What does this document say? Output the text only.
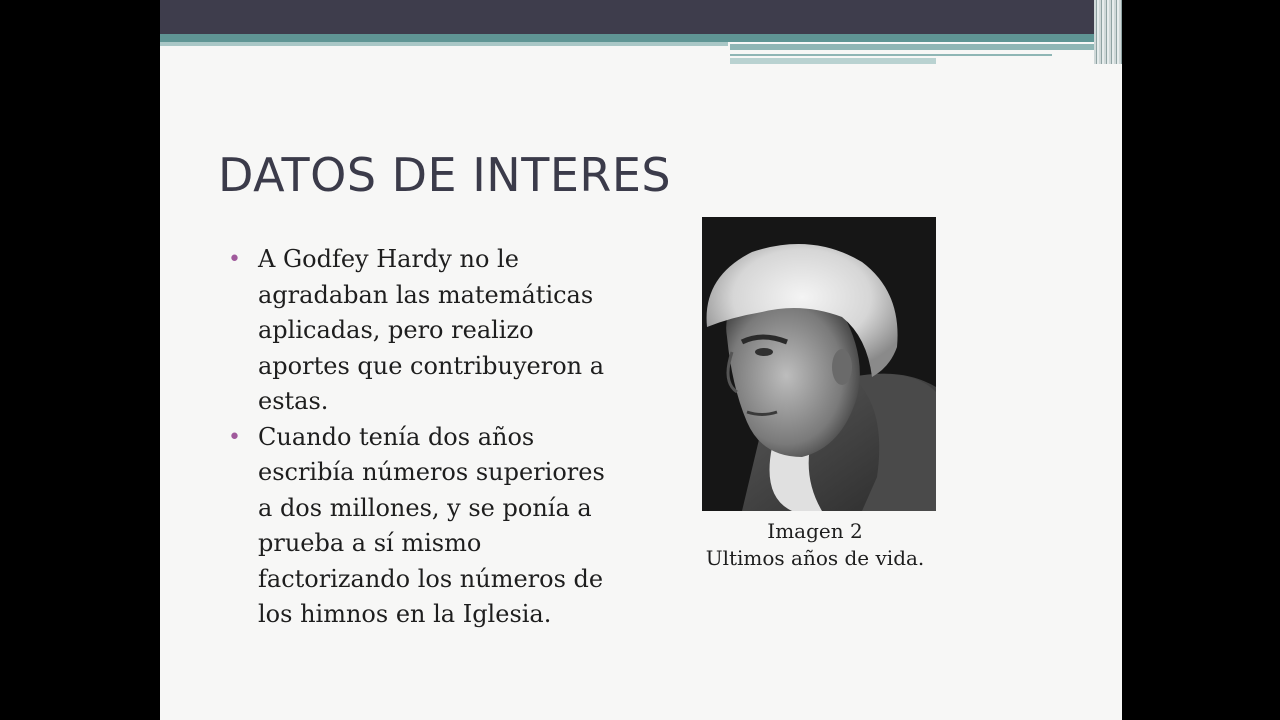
DATOS DE INTERES
• A Godfey Hardy no le agradaban las matemáticas aplicadas, pero realizo aportes que contribuyeron a estas.
• Cuando tenía dos años escribía números superiores a dos millones, y se ponía a prueba a sí mismo factorizando los números de los himnos en la Iglesia.
Imagen 2
Ultimos años de vida.
